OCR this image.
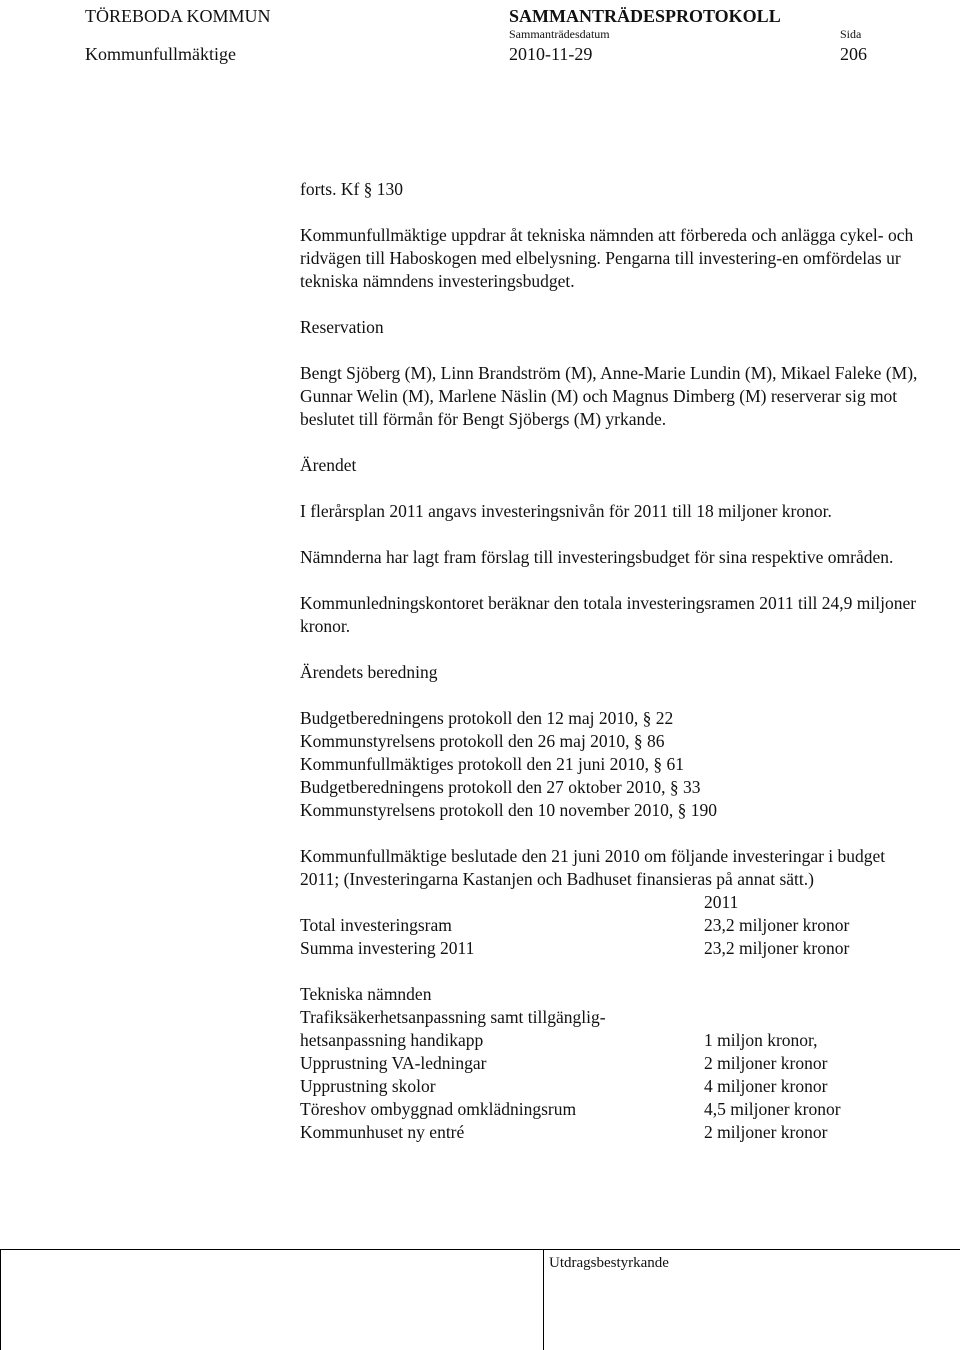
TÖREBODA KOMMUN	SAMMANTRÄDESPROTOKOLL
Sammanträdesdatum	Sida
Kommunfullmäktige	2010-11-29	206

forts. Kf § 130

Kommunfullmäktige uppdrar åt tekniska nämnden att förbereda och anlägga cykel- och ridvägen till Haboskogen med elbelysning. Pengarna till investering-en omfördelas ur tekniska nämndens investeringsbudget.

Reservation

Bengt Sjöberg (M), Linn Brandström (M), Anne-Marie Lundin (M), Mikael Faleke (M), Gunnar Welin (M), Marlene Näslin (M) och Magnus Dimberg (M) reserverar sig mot beslutet till förmån för Bengt Sjöbergs (M) yrkande.

Ärendet

I flerårsplan 2011 angavs investeringsnivån för 2011 till 18 miljoner kronor.

Nämnderna har lagt fram förslag till investeringsbudget för sina respektive områden.

Kommunledningskontoret beräknar den totala investeringsramen 2011 till 24,9 miljoner kronor.

Ärendets beredning

Budgetberedningens protokoll den 12 maj 2010, § 22

Kommunstyrelsens protokoll den 26 maj 2010, § 86

Kommunfullmäktiges protokoll den 21 juni 2010, § 61

Budgetberedningens protokoll den 27 oktober 2010, § 33

Kommunstyrelsens protokoll den 10 november 2010, § 190

Kommunfullmäktige beslutade den 21 juni 2010 om följande investeringar i budget 2011; (Investeringarna Kastanjen och Badhuset finansieras på annat sätt.)

2011
Total investeringsram	23,2 miljoner kronor
Summa investering 2011	23,2 miljoner kronor

Tekniska nämnden

Trafiksäkerhetsanpassning samt tillgänglig-

hetsanpassning handikapp	1 miljon kronor,
Upprustning VA-ledningar	2 miljoner kronor
Upprustning skolor	4 miljoner kronor
Töreshov ombyggnad omklädningsrum	4,5 miljoner kronor
Kommunhuset ny entré	2 miljoner kronor
Utdragsbestyrkande
